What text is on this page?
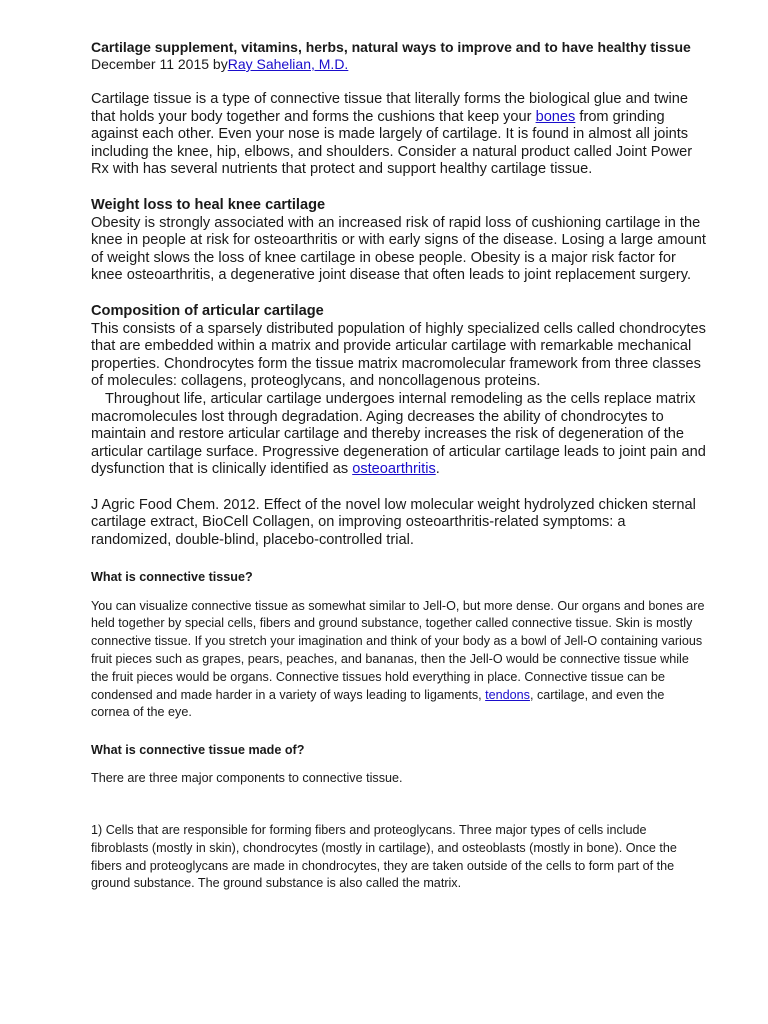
Cartilage supplement, vitamins, herbs, natural ways to improve and to have healthy tissue

December 11 2015 byRay Sahelian, M.D.

Cartilage tissue is a type of connective tissue that literally forms the biological glue and twine that holds your body together and forms the cushions that keep your bones from grinding against each other. Even your nose is made largely of cartilage. It is found in almost all joints including the knee, hip, elbows, and shoulders. Consider a natural product called Joint Power Rx with has several nutrients that protect and support healthy cartilage tissue.

Weight loss to heal knee cartilage

Obesity is strongly associated with an increased risk of rapid loss of cushioning cartilage in the knee in people at risk for osteoarthritis or with early signs of the disease. Losing a large amount of weight slows the loss of knee cartilage in obese people. Obesity is a major risk factor for knee osteoarthritis, a degenerative joint disease that often leads to joint replacement surgery.

Composition of articular cartilage

This consists of a sparsely distributed population of highly specialized cells called chondrocytes that are embedded within a matrix and provide articular cartilage with remarkable mechanical properties. Chondrocytes form the tissue matrix macromolecular framework from three classes of molecules: collagens, proteoglycans, and noncollagenous proteins.

Throughout life, articular cartilage undergoes internal remodeling as the cells replace matrix macromolecules lost through degradation. Aging decreases the ability of chondrocytes to maintain and restore articular cartilage and thereby increases the risk of degeneration of the articular cartilage surface. Progressive degeneration of articular cartilage leads to joint pain and dysfunction that is clinically identified as osteoarthritis.

J Agric Food Chem. 2012. Effect of the novel low molecular weight hydrolyzed chicken sternal cartilage extract, BioCell Collagen, on improving osteoarthritis-related symptoms: a randomized, double-blind, placebo-controlled trial.

What is connective tissue?

You can visualize connective tissue as somewhat similar to Jell-O, but more dense. Our organs and bones are held together by special cells, fibers and ground substance, together called connective tissue. Skin is mostly connective tissue. If you stretch your imagination and think of your body as a bowl of Jell-O containing various fruit pieces such as grapes, pears, peaches, and bananas, then the Jell-O would be connective tissue while the fruit pieces would be organs. Connective tissues hold everything in place. Connective tissue can be condensed and made harder in a variety of ways leading to ligaments, tendons, cartilage, and even the cornea of the eye.

What is connective tissue made of?

There are three major components to connective tissue.

1) Cells that are responsible for forming fibers and proteoglycans. Three major types of cells include fibroblasts (mostly in skin), chondrocytes (mostly in cartilage), and osteoblasts (mostly in bone). Once the fibers and proteoglycans are made in chondrocytes, they are taken outside of the cells to form part of the ground substance. The ground substance is also called the matrix.
